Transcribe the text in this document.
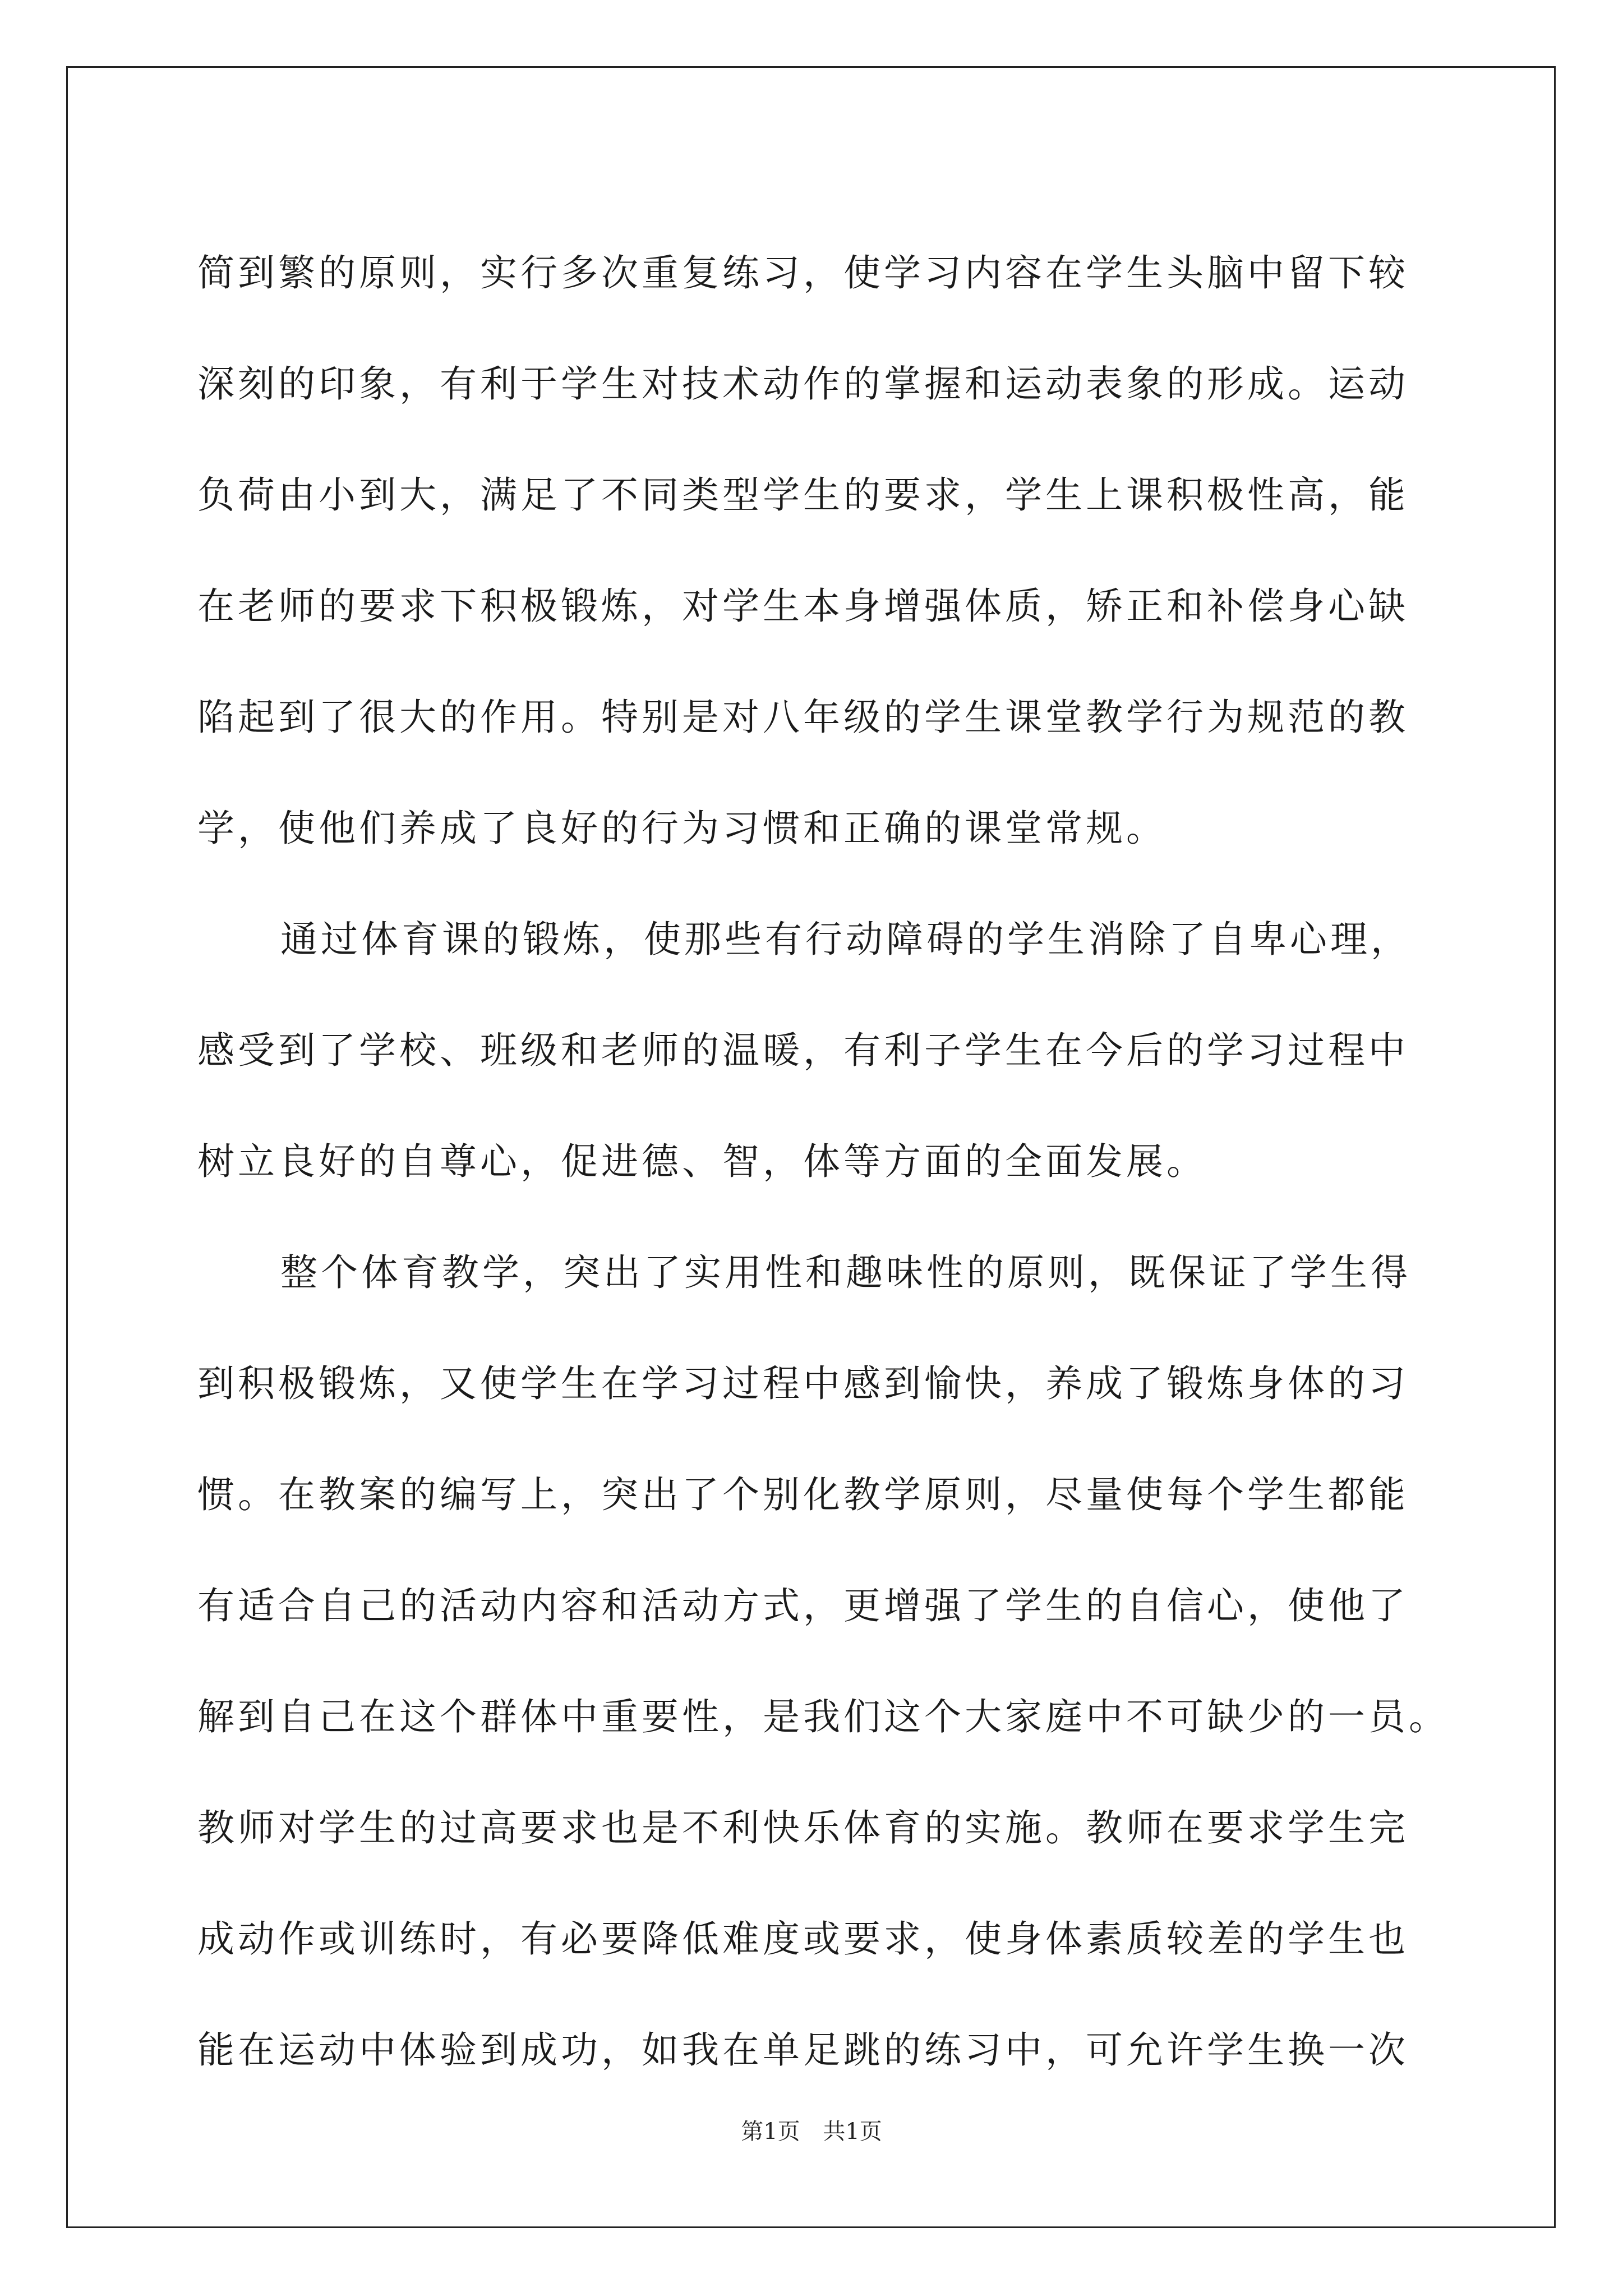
简到繁的原则，实行多次重复练习，使学习内容在学生头脑中留下较
深刻的印象，有利于学生对技术动作的掌握和运动表象的形成。运动
负荷由小到大，满足了不同类型学生的要求，学生上课积极性高，能
在老师的要求下积极锻炼，对学生本身增强体质，矫正和补偿身心缺
陷起到了很大的作用。特别是对八年级的学生课堂教学行为规范的教
学，使他们养成了良好的行为习惯和正确的课堂常规。

通过体育课的锻炼，使那些有行动障碍的学生消除了自卑心理，
感受到了学校、班级和老师的温暖，有利子学生在今后的学习过程中
树立良好的自尊心，促进德、智，体等方面的全面发展。

整个体育教学，突出了实用性和趣味性的原则，既保证了学生得
到积极锻炼，又使学生在学习过程中感到愉快，养成了锻炼身体的习
惯。在教案的编写上，突出了个别化教学原则，尽量使每个学生都能
有适合自己的活动内容和活动方式，更增强了学生的自信心，使他了
解到自己在这个群体中重要性，是我们这个大家庭中不可缺少的一员。
教师对学生的过高要求也是不利快乐体育的实施。教师在要求学生完
成动作或训练时，有必要降低难度或要求，使身体素质较差的学生也
能在运动中体验到成功，如我在单足跳的练习中，可允许学生换一次

第1页 共1页
